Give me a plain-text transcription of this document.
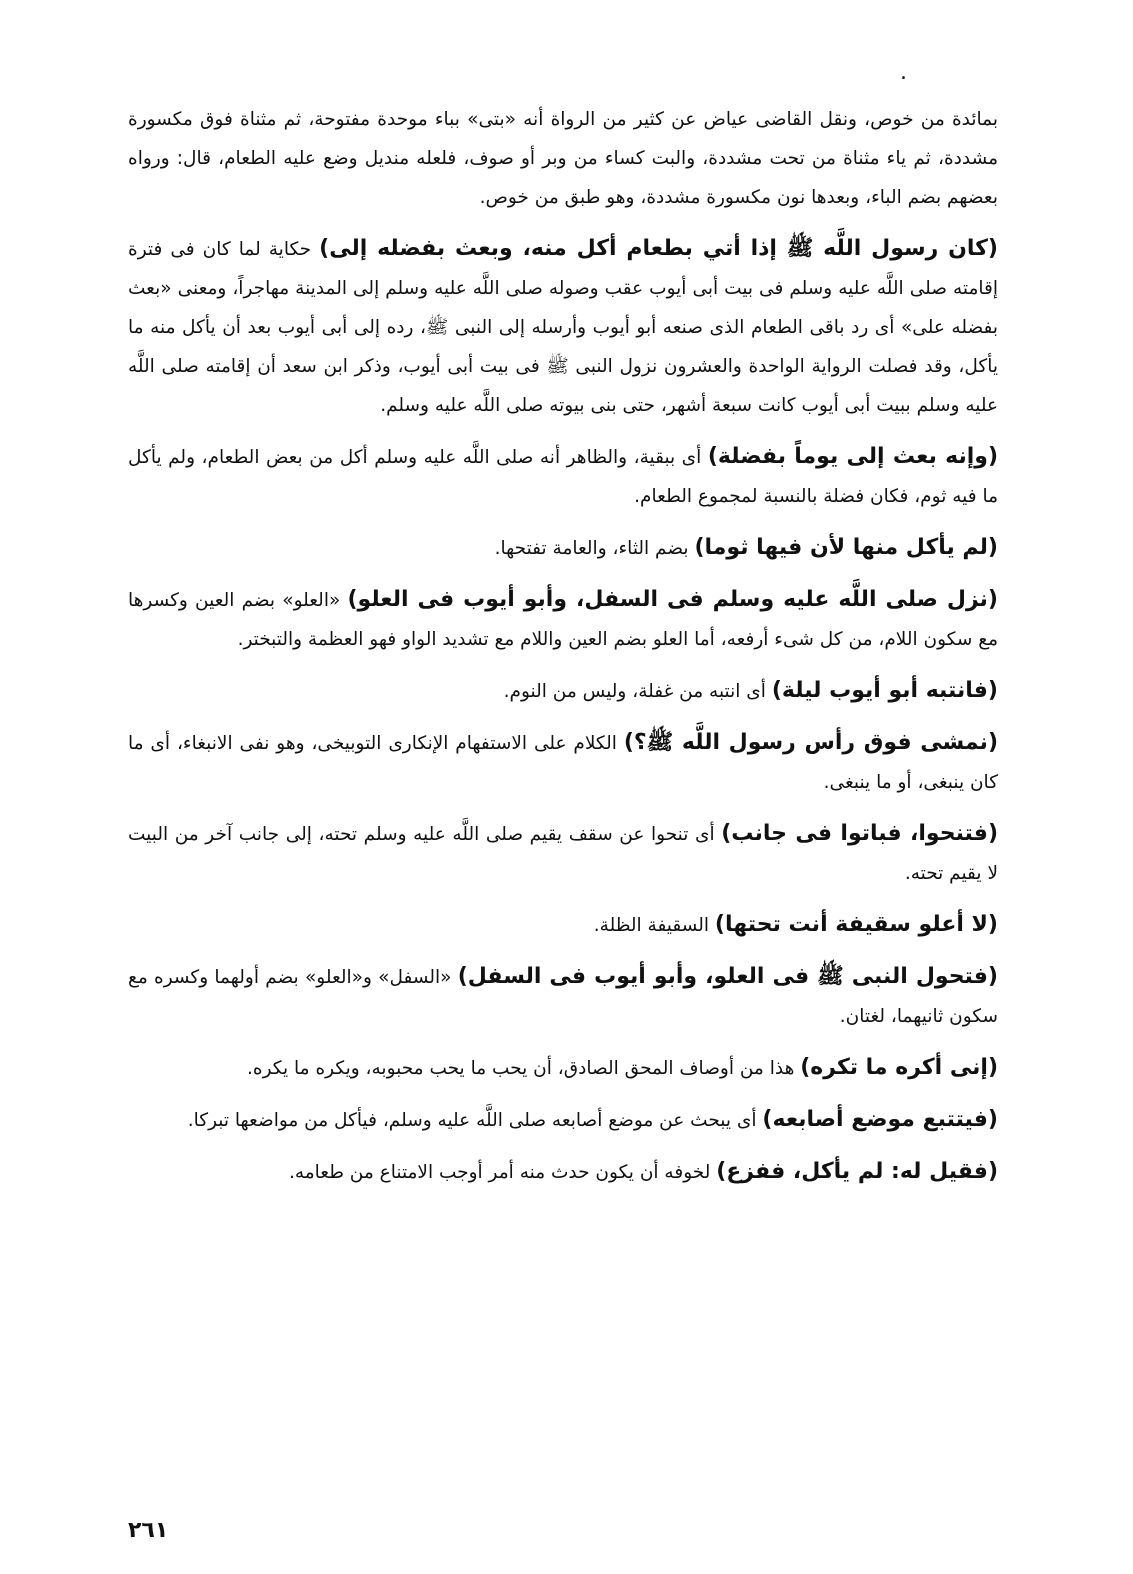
.

بمائدة من خوص، ونقل القاضى عياض عن كثير من الرواة أنه «بتى» بباء موحدة مفتوحة، ثم مثناة فوق مكسورة مشددة، ثم ياء مثناة من تحت مشددة، والبت كساء من وبر أو صوف، فلعله منديل وضع عليه الطعام، قال: ورواه بعضهم بضم الباء، وبعدها نون مكسورة مشددة، وهو طبق من خوص.

(كان رسول اللَّه ﷺ إذا أتي بطعام أكل منه، وبعث بفضله إلى) حكاية لما كان فى فترة إقامته صلى اللَّه عليه وسلم فى بيت أبى أيوب عقب وصوله صلى اللَّه عليه وسلم إلى المدينة مهاجراً، ومعنى «بعث بفضله على» أى رد باقى الطعام الذى صنعه أبو أيوب وأرسله إلى النبى ﷺ، رده إلى أبى أيوب بعد أن يأكل منه ما يأكل، وقد فصلت الرواية الواحدة والعشرون نزول النبى ﷺ فى بيت أبى أيوب، وذكر ابن سعد أن إقامته صلى اللَّه عليه وسلم ببيت أبى أيوب كانت سبعة أشهر، حتى بنى بيوته صلى اللَّه عليه وسلم.

(وإنه بعث إلى يوماً بفضلة) أى ببقية، والظاهر أنه صلى اللَّه عليه وسلم أكل من بعض الطعام، ولم يأكل ما فيه ثوم، فكان فضلة بالنسبة لمجموع الطعام.

(لم يأكل منها لأن فيها ثوما) بضم الثاء، والعامة تفتحها.

(نزل صلى اللَّه عليه وسلم فى السفل، وأبو أيوب فى العلو) «العلو» بضم العين وكسرها مع سكون اللام، من كل شىء أرفعه، أما العلو بضم العين واللام مع تشديد الواو فهو العظمة والتبختر.

(فانتبه أبو أيوب ليلة) أى انتبه من غفلة، وليس من النوم.

(نمشى فوق رأس رسول اللَّه ﷺ؟) الكلام على الاستفهام الإنكارى التوبيخى، وهو نفى الانبغاء، أى ما كان ينبغى، أو ما ينبغى.

(فتنحوا، فباتوا فى جانب) أى تنحوا عن سقف يقيم صلى اللَّه عليه وسلم تحته، إلى جانب آخر من البيت لا يقيم تحته.

(لا أعلو سقيفة أنت تحتها) السقيفة الظلة.

(فتحول النبى ﷺ فى العلو، وأبو أيوب فى السفل) «السفل» و«العلو» بضم أولهما وكسره مع سكون ثانيهما، لغتان.

(إنى أكره ما تكره) هذا من أوصاف المحق الصادق، أن يحب ما يحب محبوبه، ويكره ما يكره.

(فيتتبع موضع أصابعه) أى يبحث عن موضع أصابعه صلى اللَّه عليه وسلم، فيأكل من مواضعها تبركا.

(فقيل له: لم يأكل، ففزع) لخوفه أن يكون حدث منه أمر أوجب الامتناع من طعامه.

٢٦١
